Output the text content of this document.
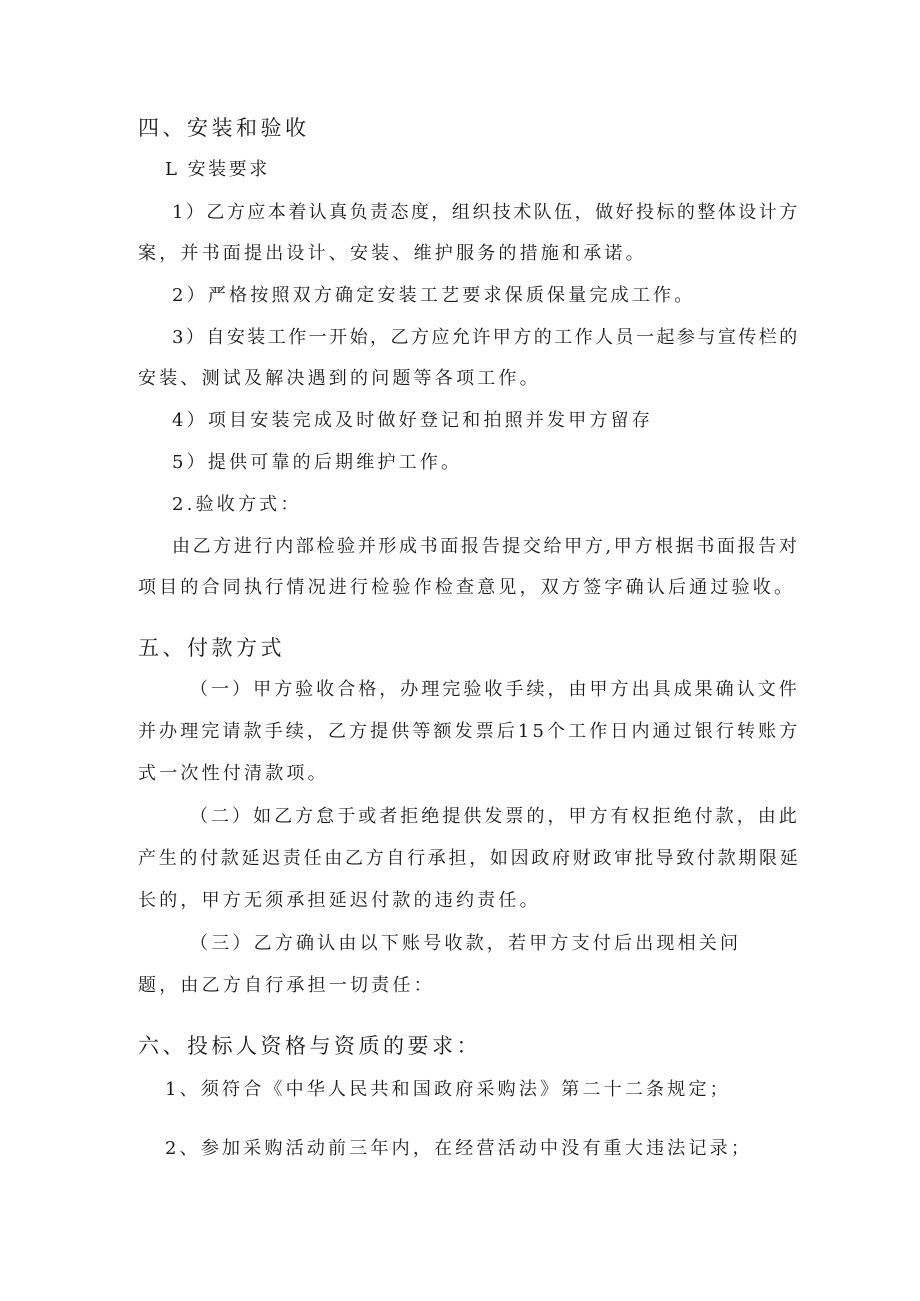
四、安装和验收
L 安装要求
1）乙方应本着认真负责态度，组织技术队伍，做好投标的整体设计方
案，并书面提出设计、安装、维护服务的措施和承诺。
2）严格按照双方确定安装工艺要求保质保量完成工作。
3）自安装工作一开始，乙方应允许甲方的工作人员一起参与宣传栏的
安装、测试及解决遇到的问题等各项工作。
4）项目安装完成及时做好登记和拍照并发甲方留存
5）提供可靠的后期维护工作。
2.验收方式：
由乙方进行内部检验并形成书面报告提交给甲方,甲方根据书面报告对
项目的合同执行情况进行检验作检查意见，双方签字确认后通过验收。
五、付款方式
（一）甲方验收合格，办理完验收手续，由甲方出具成果确认文件
并办理完请款手续，乙方提供等额发票后15个工作日内通过银行转账方
式一次性付清款项。
（二）如乙方怠于或者拒绝提供发票的，甲方有权拒绝付款，由此
产生的付款延迟责任由乙方自行承担，如因政府财政审批导致付款期限延
长的，甲方无须承担延迟付款的违约责任。
（三）乙方确认由以下账号收款，若甲方支付后出现相关问
题，由乙方自行承担一切责任：
六、投标人资格与资质的要求：
1、须符合《中华人民共和国政府采购法》第二十二条规定；
2、参加采购活动前三年内，在经营活动中没有重大违法记录；
